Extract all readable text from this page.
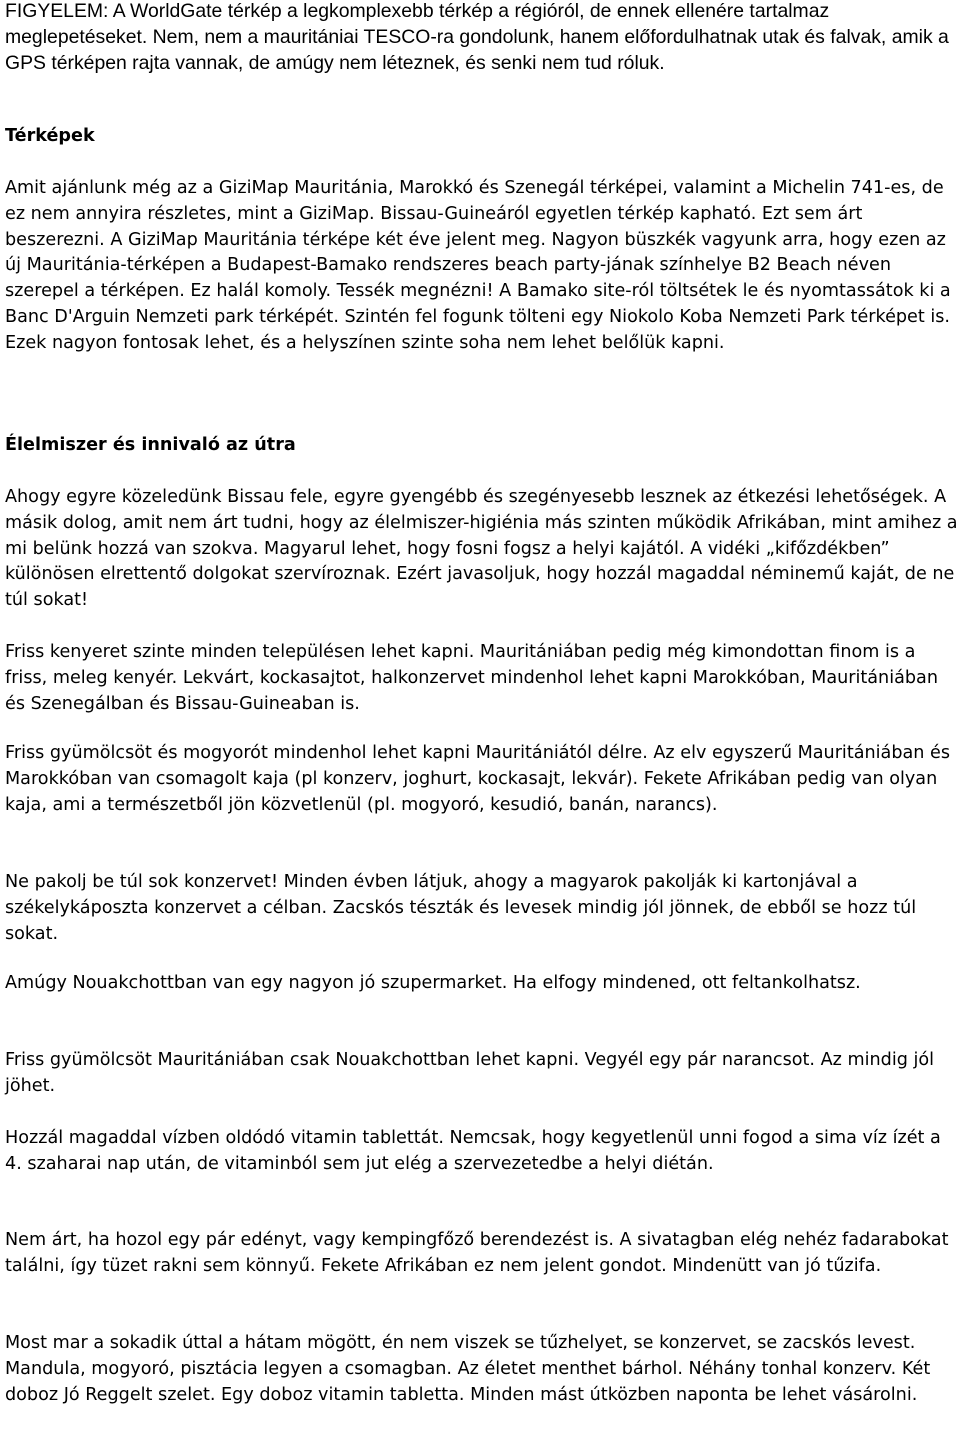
FIGYELEM: A WorldGate térkép a legkomplexebb térkép a régióról, de ennek ellenére tartalmaz meglepetéseket. Nem, nem a mauritániai TESCO-ra gondolunk, hanem előfordulhatnak utak és falvak, amik a GPS térképen rajta vannak, de amúgy nem léteznek, és senki nem tud róluk.

Térképek

Amit ajánlunk még az a GiziMap Mauritánia, Marokkó és Szenegál térképei, valamint a Michelin 741-es, de ez nem annyira részletes, mint a GiziMap. Bissau-Guineáról egyetlen térkép kapható. Ezt sem árt beszerezni. A GiziMap Mauritánia térképe két éve jelent meg. Nagyon büszkék vagyunk arra, hogy ezen az új Mauritánia-térképen a Budapest-Bamako rendszeres beach party-jának színhelye B2 Beach néven szerepel a térképen. Ez halál komoly. Tessék megnézni! A Bamako site-ról töltsétek le és nyomtassátok ki a Banc D'Arguin Nemzeti park térképét. Szintén fel fogunk tölteni egy Niokolo Koba Nemzeti Park térképet is. Ezek nagyon fontosak lehet, és a helyszínen szinte soha nem lehet belőlük kapni.

Élelmiszer és innivaló az útra

Ahogy egyre közeledünk Bissau fele, egyre gyengébb és szegényesebb lesznek az étkezési lehetőségek. A másik dolog, amit nem árt tudni, hogy az élelmiszer-higiénia más szinten működik Afrikában, mint amihez a mi belünk hozzá van szokva. Magyarul lehet, hogy fosni fogsz a helyi kajától. A vidéki „kifőzdékben” különösen elrettentő dolgokat szervíroznak. Ezért javasoljuk, hogy hozzál magaddal néminemű kaját, de ne túl sokat!

Friss kenyeret szinte minden településen lehet kapni. Mauritániában pedig még kimondottan finom is a friss, meleg kenyér. Lekvárt, kockasajtot, halkonzervet mindenhol lehet kapni Marokkóban, Mauritániában és Szenegálban és Bissau-Guineaban is.

Friss gyümölcsöt és mogyorót mindenhol lehet kapni Mauritániától délre. Az elv egyszerű Mauritániában és Marokkóban van csomagolt kaja (pl konzerv, joghurt, kockasajt, lekvár). Fekete Afrikában pedig van olyan kaja, ami a természetből jön közvetlenül (pl. mogyoró, kesudió, banán, narancs).

Ne pakolj be túl sok konzervet! Minden évben látjuk, ahogy a magyarok pakolják ki kartonjával a székelykáposzta konzervet a célban. Zacskós tészták és levesek mindig jól jönnek, de ebből se hozz túl sokat.

Amúgy Nouakchottban van egy nagyon jó szupermarket. Ha elfogy mindened, ott feltankolhatsz.

Friss gyümölcsöt Mauritániában csak Nouakchottban lehet kapni. Vegyél egy pár narancsot. Az mindig jól jöhet.

Hozzál magaddal vízben oldódó vitamin tablettát. Nemcsak, hogy kegyetlenül unni fogod a sima víz ízét a 4. szaharai nap után, de vitaminból sem jut elég a szervezetedbe a helyi diétán.

Nem árt, ha hozol egy pár edényt, vagy kempingfőző berendezést is. A sivatagban elég nehéz fadarabokat találni, így tüzet rakni sem könnyű. Fekete Afrikában ez nem jelent gondot. Mindenütt van jó tűzifa.

Most mar a sokadik úttal a hátam mögött, én nem viszek se tűzhelyet, se konzervet, se zacskós levest. Mandula, mogyoró, pisztácia legyen a csomagban. Az életet menthet bárhol. Néhány tonhal konzerv. Két doboz Jó Reggelt szelet. Egy doboz vitamin tabletta. Minden mást útközben naponta be lehet vásárolni.
